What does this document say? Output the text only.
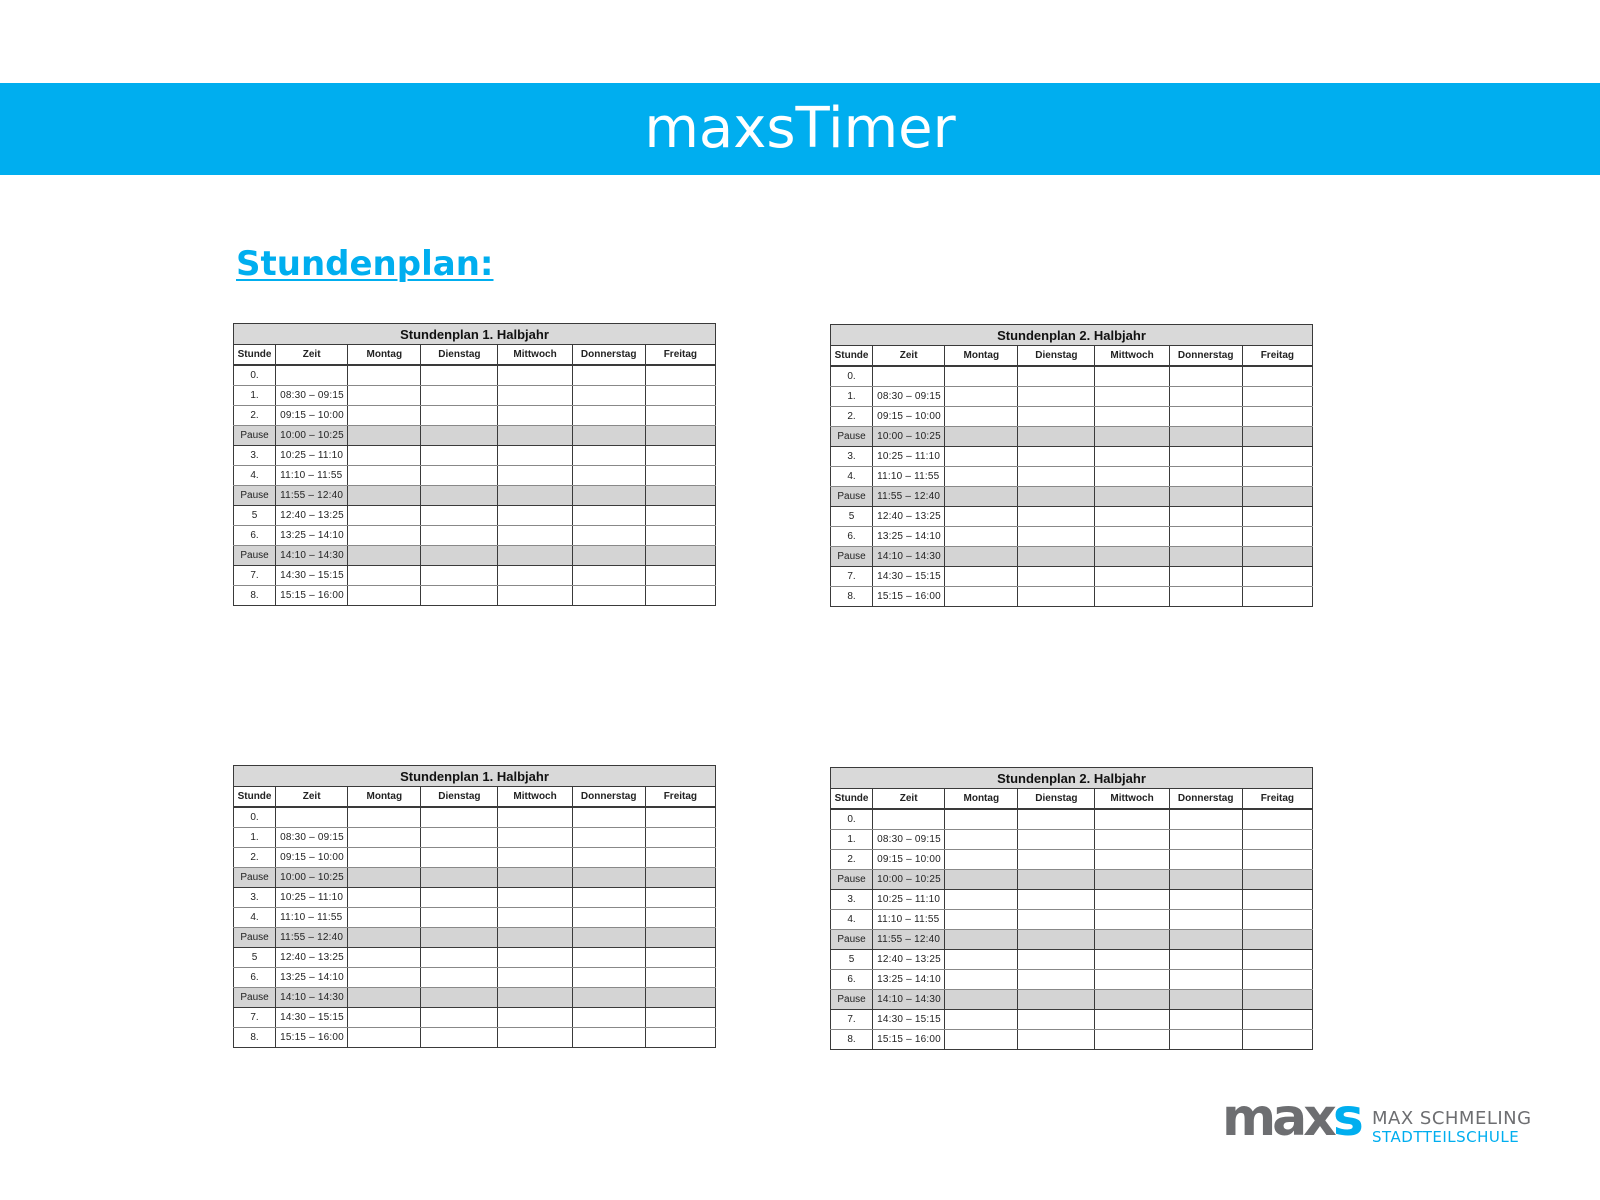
maxsTimer
Stundenplan:
Stundenplan 1. Halbjahr						
Stunde	Zeit	Montag	Dienstag	Mittwoch	Donnerstag	Freitag
0.						
1.	08:30 – 09:15					
2.	09:15 – 10:00					
Pause	10:00 – 10:25					
3.	10:25 – 11:10					
4.	11:10 – 11:55					
Pause	11:55 – 12:40					
5	12:40 – 13:25					
6.	13:25 – 14:10					
Pause	14:10 – 14:30					
7.	14:30 – 15:15					
8.	15:15 – 16:00					
Stundenplan 2. Halbjahr						
Stunde	Zeit	Montag	Dienstag	Mittwoch	Donnerstag	Freitag
0.						
1.	08:30 – 09:15					
2.	09:15 – 10:00					
Pause	10:00 – 10:25					
3.	10:25 – 11:10					
4.	11:10 – 11:55					
Pause	11:55 – 12:40					
5	12:40 – 13:25					
6.	13:25 – 14:10					
Pause	14:10 – 14:30					
7.	14:30 – 15:15					
8.	15:15 – 16:00					
Stundenplan 1. Halbjahr						
Stunde	Zeit	Montag	Dienstag	Mittwoch	Donnerstag	Freitag
0.						
1.	08:30 – 09:15					
2.	09:15 – 10:00					
Pause	10:00 – 10:25					
3.	10:25 – 11:10					
4.	11:10 – 11:55					
Pause	11:55 – 12:40					
5	12:40 – 13:25					
6.	13:25 – 14:10					
Pause	14:10 – 14:30					
7.	14:30 – 15:15					
8.	15:15 – 16:00					
Stundenplan 2. Halbjahr						
Stunde	Zeit	Montag	Dienstag	Mittwoch	Donnerstag	Freitag
0.						
1.	08:30 – 09:15					
2.	09:15 – 10:00					
Pause	10:00 – 10:25					
3.	10:25 – 11:10					
4.	11:10 – 11:55					
Pause	11:55 – 12:40					
5	12:40 – 13:25					
6.	13:25 – 14:10					
Pause	14:10 – 14:30					
7.	14:30 – 15:15					
8.	15:15 – 16:00					
maxs MAX SCHMELING
STADTTEILSCHULE
